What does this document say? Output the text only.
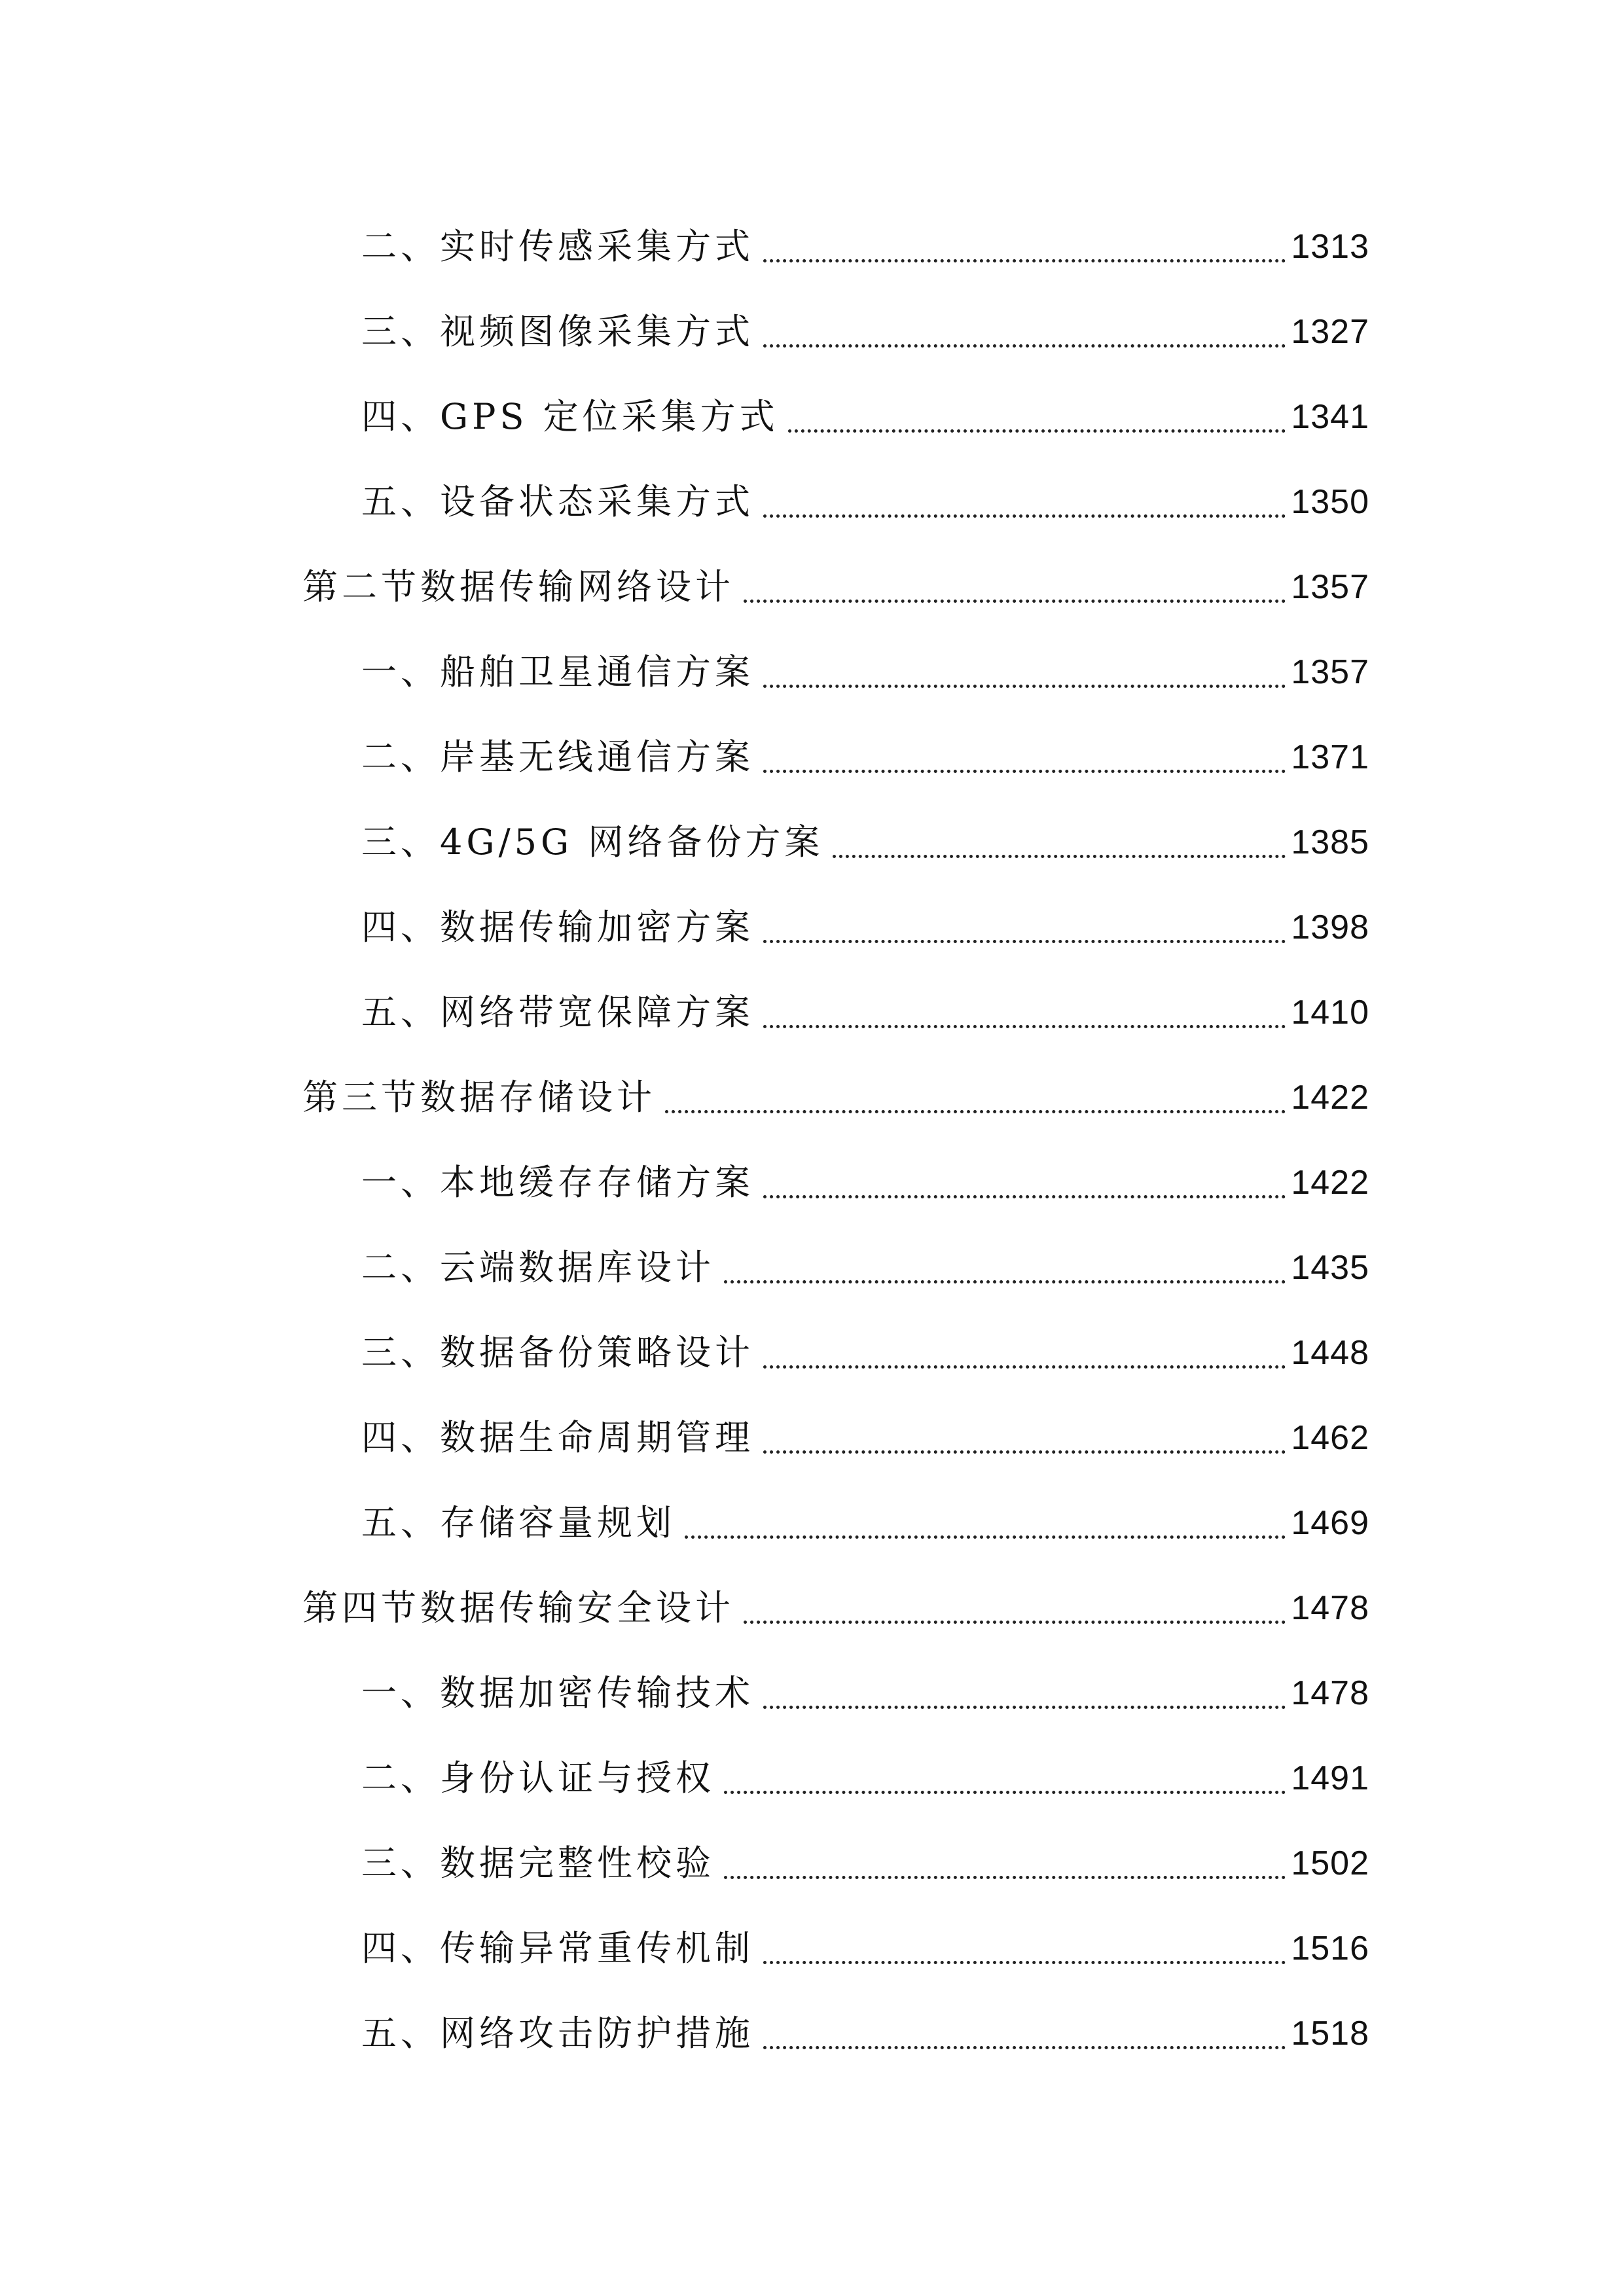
二、实时传感采集方式	1313
三、视频图像采集方式	1327
四、GPS 定位采集方式	1341
五、设备状态采集方式	1350
第二节数据传输网络设计	1357
一、船舶卫星通信方案	1357
二、岸基无线通信方案	1371
三、4G/5G 网络备份方案	1385
四、数据传输加密方案	1398
五、网络带宽保障方案	1410
第三节数据存储设计	1422
一、本地缓存存储方案	1422
二、云端数据库设计	1435
三、数据备份策略设计	1448
四、数据生命周期管理	1462
五、存储容量规划	1469
第四节数据传输安全设计	1478
一、数据加密传输技术	1478
二、身份认证与授权	1491
三、数据完整性校验	1502
四、传输异常重传机制	1516
五、网络攻击防护措施	1518
